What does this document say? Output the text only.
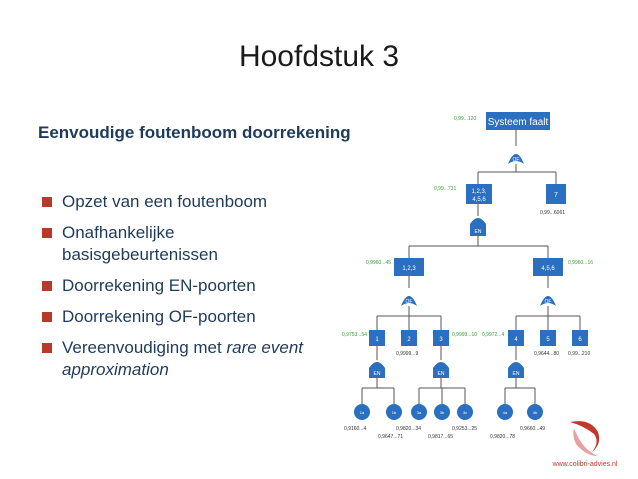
Hoofdstuk 3
Eenvoudige foutenboom doorrekening
Opzet van een foutenboom
Onafhankelijke basisgebeurtenissen
Doorrekening EN-poorten
Doorrekening OF-poorten
Vereenvoudiging met rare event approximation
Systeem faalt
0,99...120
OF
1,2,3,
4,5,6
0,99...731
7
0,99...6061
EN
1,2,3
0,9960...45
4,5,6
0,9960...16
OF	OF
1
0,9753...54
2
0,9999...9
3
0,9999...10
4
0,9972...4
5
0,9644...80
6
0,99...210
EN	EN	EN
1a
0,9160...4
1b
0,9647...71
3a
0,9820...34
3b
0,9817...65
3c
0,9253...25
4a
0,9820...78
4b
0,9660...49
www.colibri-advies.nl
